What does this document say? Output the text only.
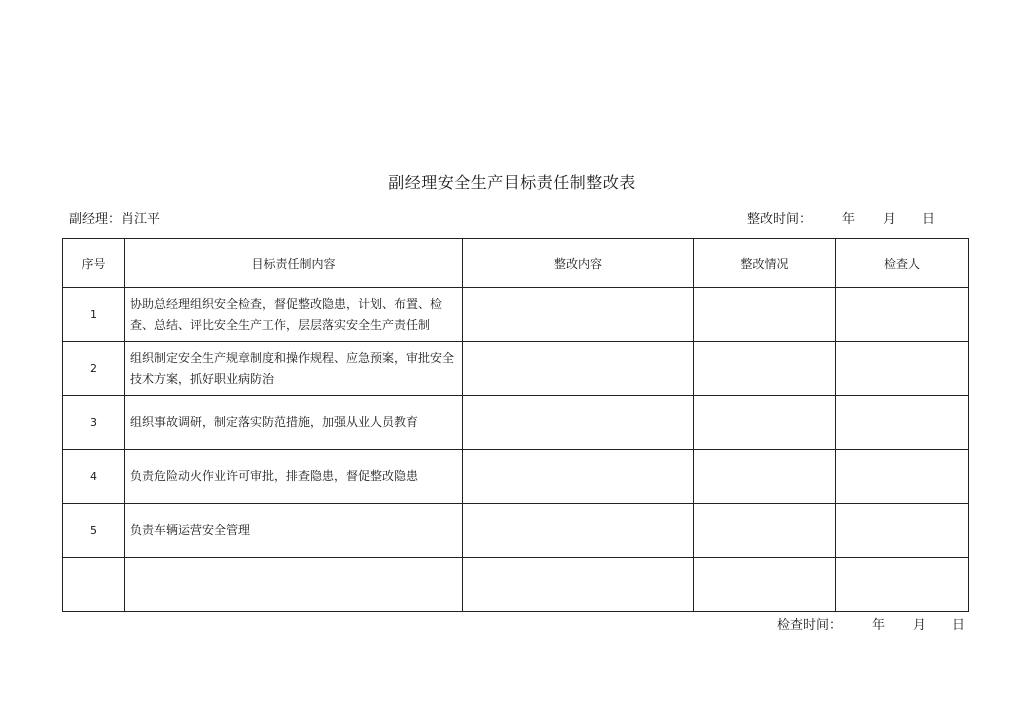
副经理安全生产目标责任制整改表
副经理：肖江平	整改时间： 年 月 日
序号	目标责任制内容	整改内容	整改情况	检查人
1	协助总经理组织安全检查，督促整改隐患，计划、布置、检查、总结、评比安全生产工作，层层落实安全生产责任制			
2	组织制定安全生产规章制度和操作规程、应急预案，审批安全技术方案，抓好职业病防治			
3	组织事故调研，制定落实防范措施，加强从业人员教育			
4	负责危险动火作业许可审批，排查隐患，督促整改隐患			
5	负责车辆运营安全管理			

检查时间： 年 月 日
